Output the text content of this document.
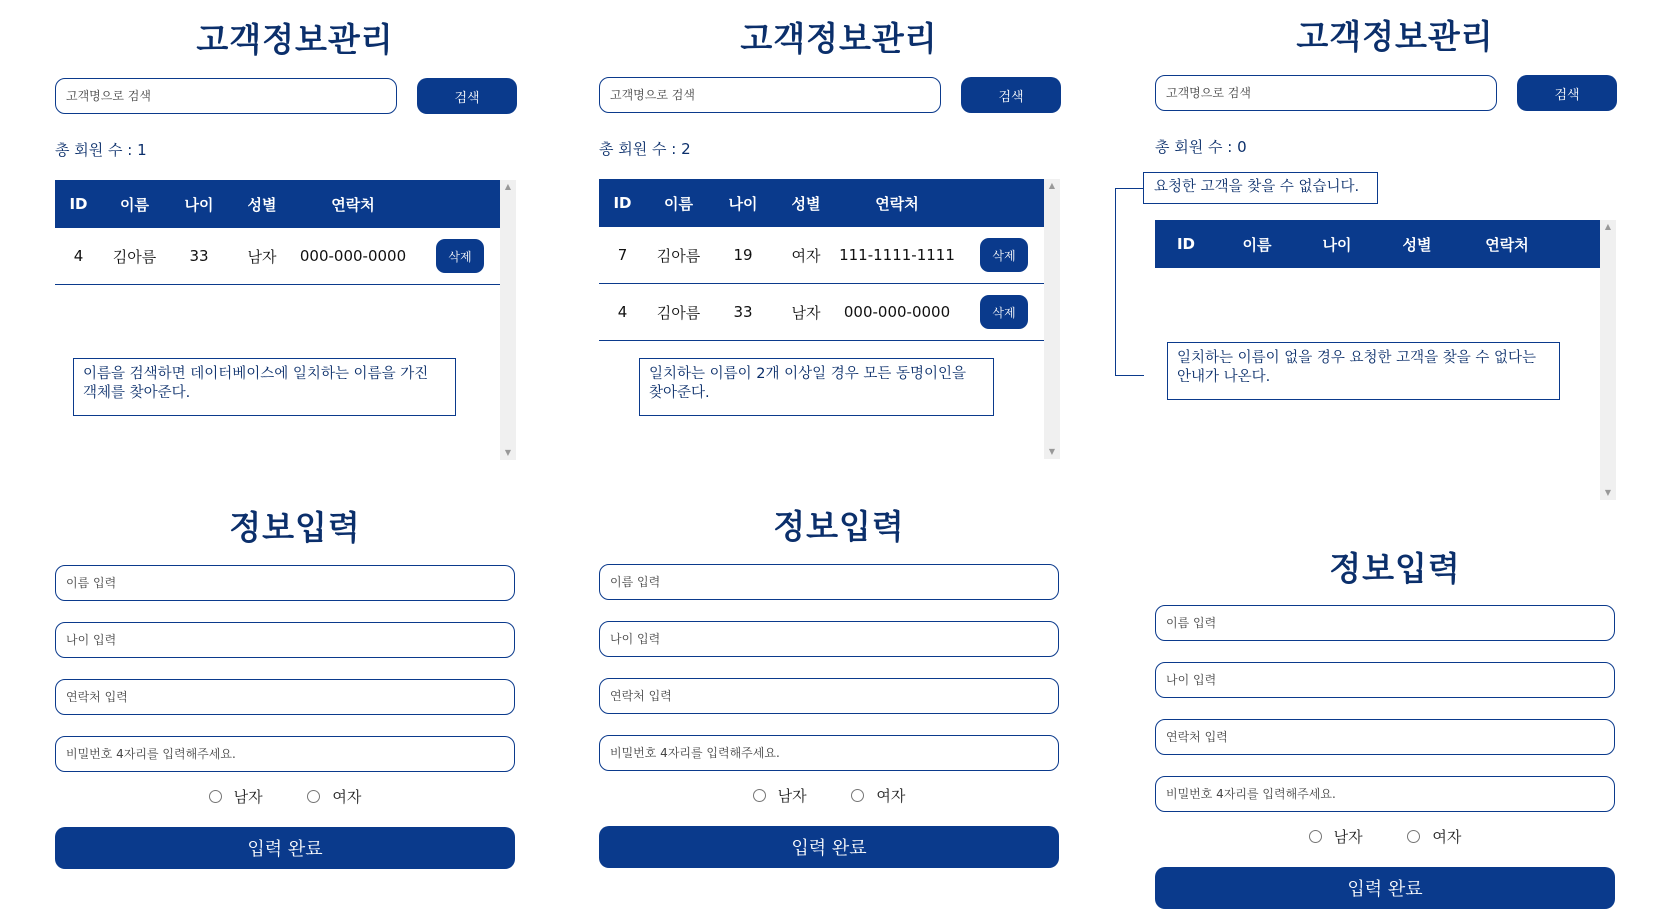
고객정보관리
고객명으로 검색
검색
총 회원 수 : 1
ID	이름	나이	성별	연락처
4	김아름	33	남자	000-000-0000	삭제
▲
▼
이름을 검색하면 데이터베이스에 일치하는 이름을 가진 객체를 찾아준다.
정보입력
이름 입력
나이 입력
연락처 입력
비밀번호 4자리를 입력해주세요.
남자
	여자
입력 완료
고객정보관리
고객명으로 검색
검색
총 회원 수 : 2
ID	이름	나이	성별	연락처
7	김아름	19	여자	111-1111-1111	삭제
4	김아름	33	남자	000-000-0000	삭제
▲
▼
일치하는 이름이 2개 이상일 경우 모든 동명이인을 찾아준다.
정보입력
이름 입력
나이 입력
연락처 입력
비밀번호 4자리를 입력해주세요.
남자
	여자
입력 완료
고객정보관리
고객명으로 검색
검색
총 회원 수 : 0
요청한 고객을 찾을 수 없습니다.
ID	이름	나이	성별	연락처
▲
▼
일치하는 이름이 없을 경우 요청한 고객을 찾을 수 없다는 안내가 나온다.
정보입력
이름 입력
나이 입력
연락처 입력
비밀번호 4자리를 입력해주세요.
남자
	여자
입력 완료
